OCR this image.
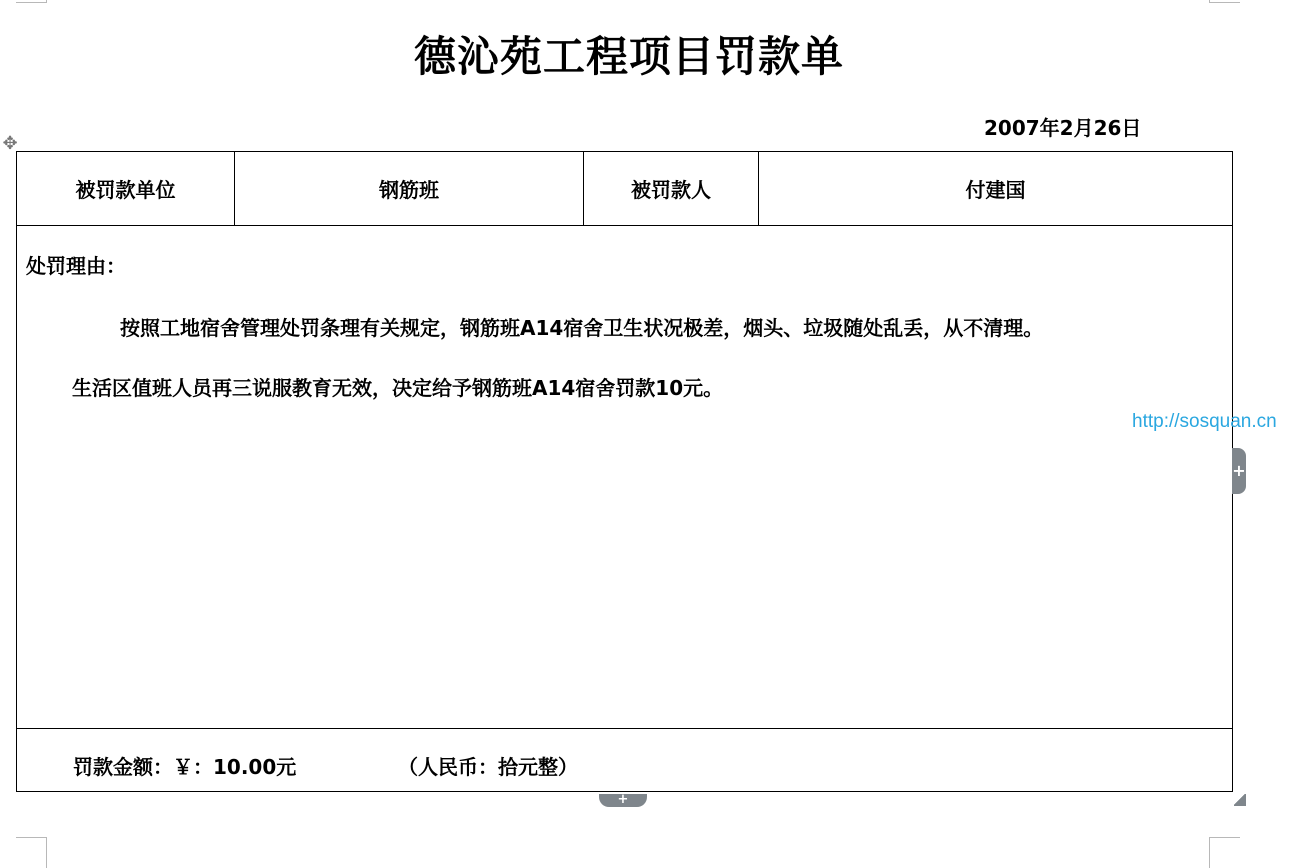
德沁苑工程项目罚款单
2007年2月26日
✥
被罚款单位	钢筋班	被罚款人	付建国

处罚理由：
按照工地宿舍管理处罚条理有关规定，钢筋班A14宿舍卫生状况极差，烟头、垃圾随处乱丢，从不清理。
生活区值班人员再三说服教育无效，决定给予钢筋班A14宿舍罚款10元。

罚款金额：￥：10.00元	（人民币：拾元整）
http://sosquan.cn
+
+
